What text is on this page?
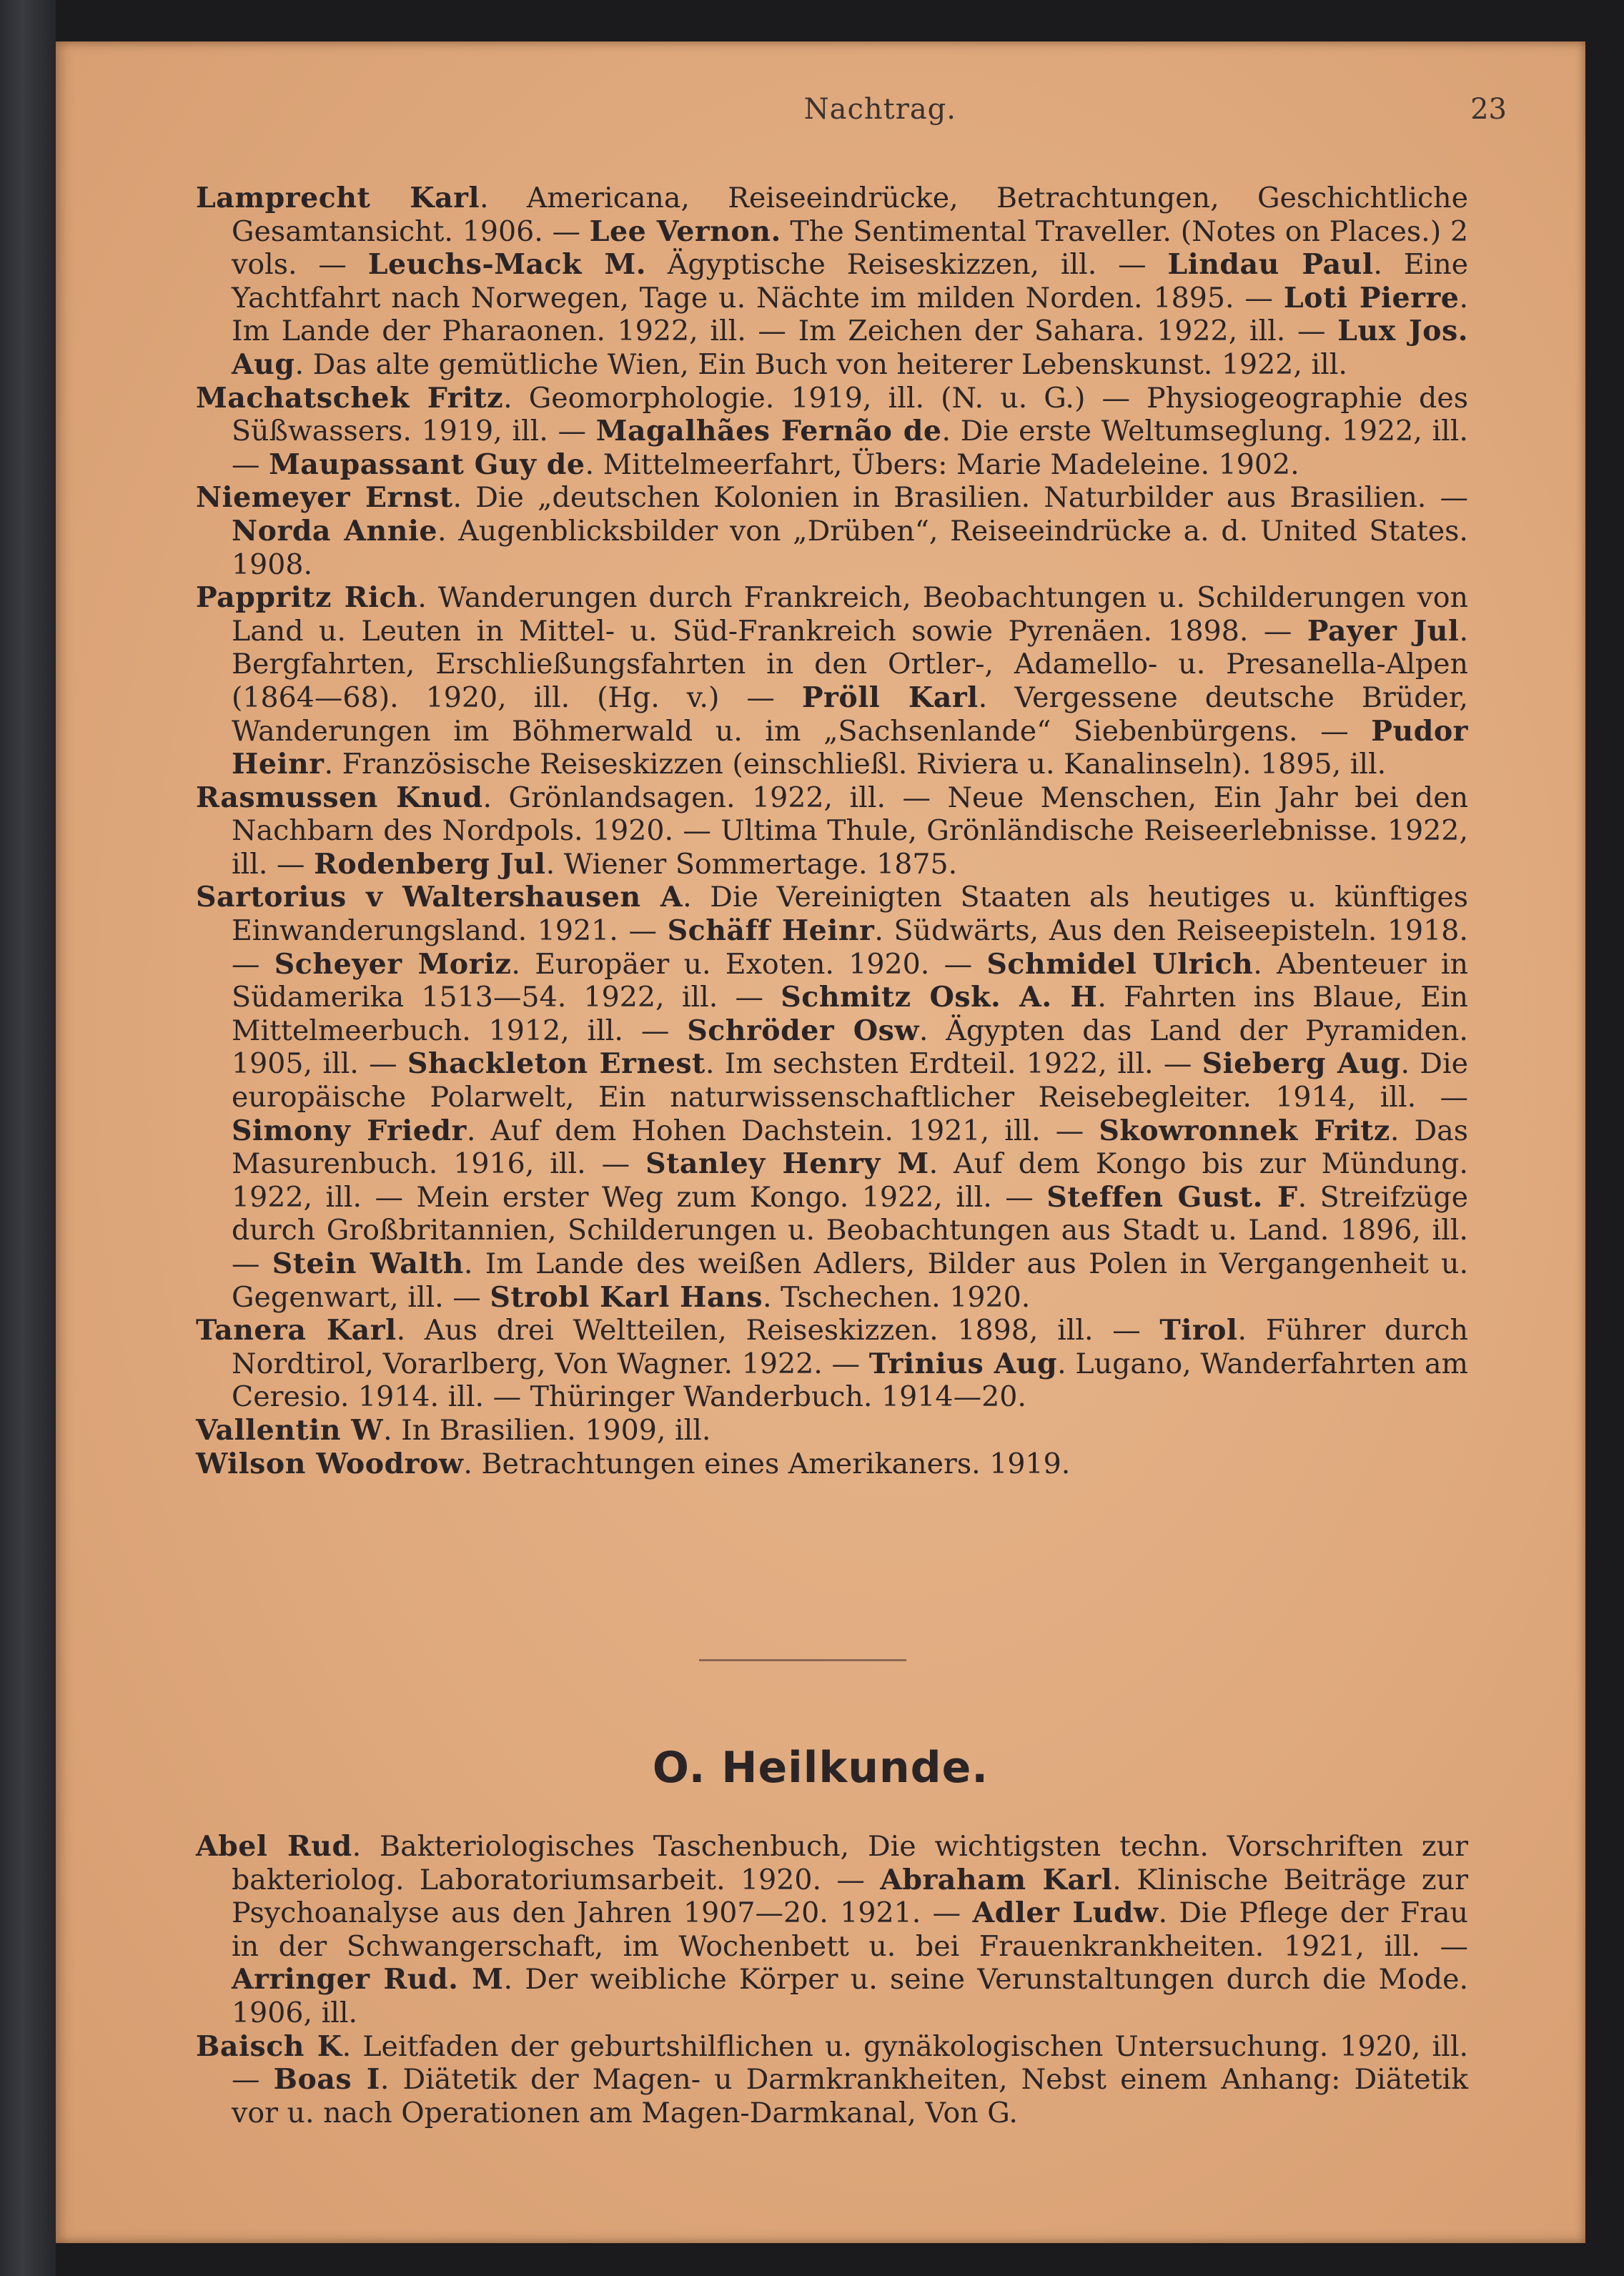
Nachtrag.	23

Lamprecht Karl. Americana, Reiseeindrücke, Betrachtungen, Geschichtliche Gesamtansicht. 1906. — Lee Vernon. The Sentimental Traveller. (Notes on Places.) 2 vols. — Leuchs-Mack M. Ägyptische Reiseskizzen, ill. — Lindau Paul. Eine Yachtfahrt nach Norwegen, Tage u. Nächte im milden Norden. 1895. — Loti Pierre. Im Lande der Pharaonen. 1922, ill. — Im Zeichen der Sahara. 1922, ill. — Lux Jos. Aug. Das alte gemütliche Wien, Ein Buch von heiterer Lebenskunst. 1922, ill.

Machatschek Fritz. Geomorphologie. 1919, ill. (N. u. G.) — Physiogeographie des Süßwassers. 1919, ill. — Magalhães Fernão de. Die erste Weltumseglung. 1922, ill. — Maupassant Guy de. Mittelmeerfahrt, Übers: Marie Madeleine. 1902.

Niemeyer Ernst. Die „deutschen Kolonien in Brasilien. Naturbilder aus Brasilien. — Norda Annie. Augenblicksbilder von „Drüben“, Reiseeindrücke a. d. United States. 1908.

Pappritz Rich. Wanderungen durch Frankreich, Beobachtungen u. Schilderungen von Land u. Leuten in Mittel- u. Süd-Frankreich sowie Pyrenäen. 1898. — Payer Jul. Bergfahrten, Erschließungsfahrten in den Ortler-, Adamello- u. Presanella-Alpen (1864—68). 1920, ill. (Hg. v.) — Pröll Karl. Vergessene deutsche Brüder, Wanderungen im Böhmerwald u. im „Sachsenlande“ Siebenbürgens. — Pudor Heinr. Französische Reiseskizzen (einschließl. Riviera u. Kanalinseln). 1895, ill.

Rasmussen Knud. Grönlandsagen. 1922, ill. — Neue Menschen, Ein Jahr bei den Nachbarn des Nordpols. 1920. — Ultima Thule, Grönländische Reiseerlebnisse. 1922, ill. — Rodenberg Jul. Wiener Sommertage. 1875.

Sartorius v Waltershausen A. Die Vereinigten Staaten als heutiges u. künftiges Einwanderungsland. 1921. — Schäff Heinr. Südwärts, Aus den Reiseepisteln. 1918. — Scheyer Moriz. Europäer u. Exoten. 1920. — Schmidel Ulrich. Abenteuer in Südamerika 1513—54. 1922, ill. — Schmitz Osk. A. H. Fahrten ins Blaue, Ein Mittelmeerbuch. 1912, ill. — Schröder Osw. Ägypten das Land der Pyramiden. 1905, ill. — Shackleton Ernest. Im sechsten Erdteil. 1922, ill. — Sieberg Aug. Die europäische Polarwelt, Ein naturwissenschaftlicher Reisebegleiter. 1914, ill. — Simony Friedr. Auf dem Hohen Dachstein. 1921, ill. — Skowronnek Fritz. Das Masurenbuch. 1916, ill. — Stanley Henry M. Auf dem Kongo bis zur Mündung. 1922, ill. — Mein erster Weg zum Kongo. 1922, ill. — Steffen Gust. F. Streifzüge durch Großbritannien, Schilderungen u. Beobachtungen aus Stadt u. Land. 1896, ill. — Stein Walth. Im Lande des weißen Adlers, Bilder aus Polen in Vergangenheit u. Gegenwart, ill. — Strobl Karl Hans. Tschechen. 1920.

Tanera Karl. Aus drei Weltteilen, Reiseskizzen. 1898, ill. — Tirol. Führer durch Nordtirol, Vorarlberg, Von Wagner. 1922. — Trinius Aug. Lugano, Wanderfahrten am Ceresio. 1914. ill. — Thüringer Wanderbuch. 1914—20.

Vallentin W. In Brasilien. 1909, ill.

Wilson Woodrow. Betrachtungen eines Amerikaners. 1919.

O. Heilkunde.

Abel Rud. Bakteriologisches Taschenbuch, Die wichtigsten techn. Vorschriften zur bakteriolog. Laboratoriumsarbeit. 1920. — Abraham Karl. Klinische Beiträge zur Psychoanalyse aus den Jahren 1907—20. 1921. — Adler Ludw. Die Pflege der Frau in der Schwangerschaft, im Wochenbett u. bei Frauenkrankheiten. 1921, ill. — Arringer Rud. M. Der weibliche Körper u. seine Verunstaltungen durch die Mode. 1906, ill.

Baisch K. Leitfaden der geburtshilflichen u. gynäkologischen Untersuchung. 1920, ill. — Boas I. Diätetik der Magen- u Darmkrankheiten, Nebst einem Anhang: Diätetik vor u. nach Operationen am Magen-Darmkanal, Von G.
